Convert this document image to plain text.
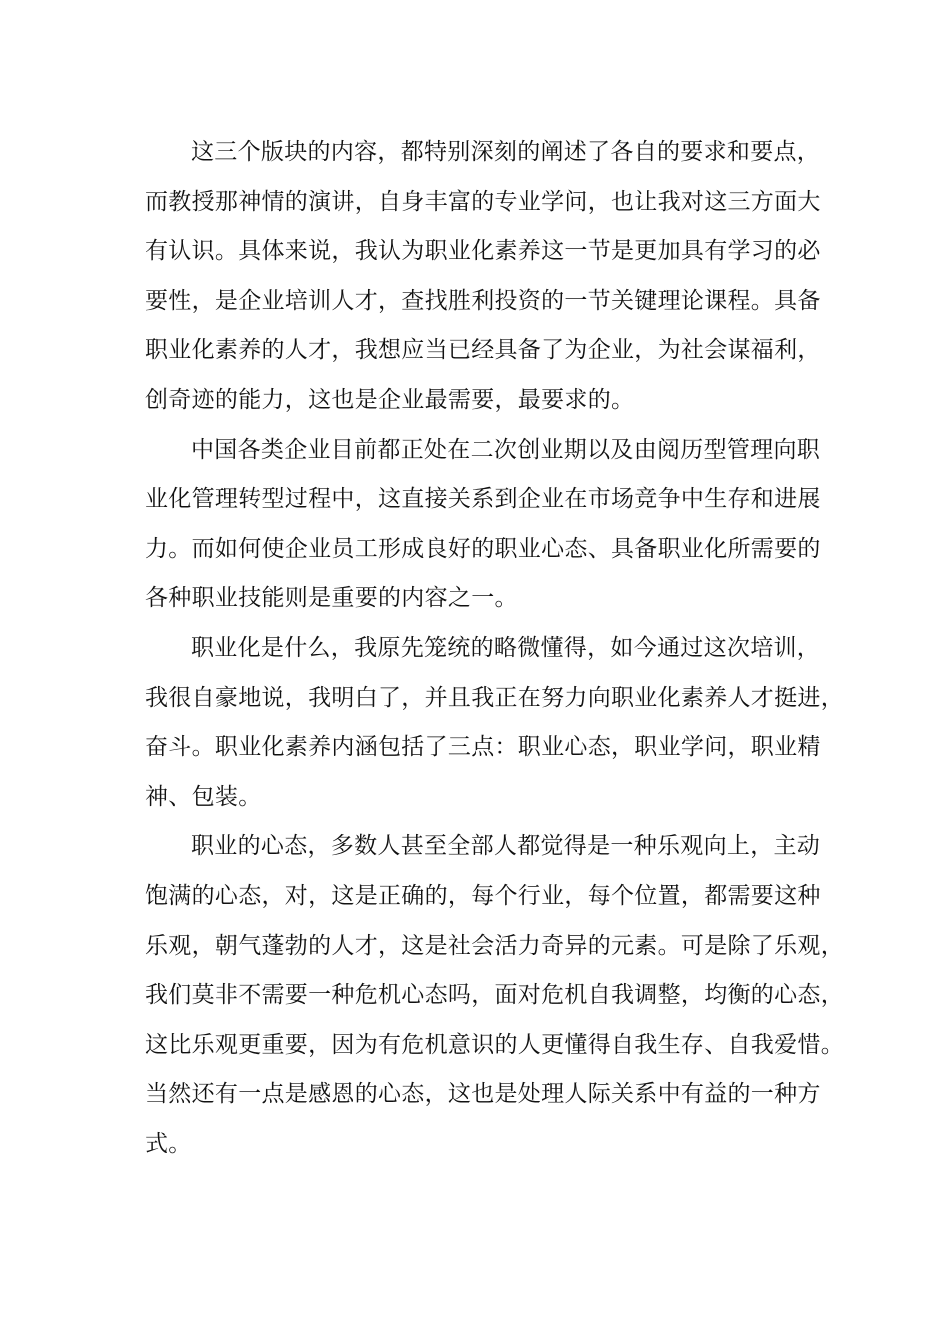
这三个版块的内容，都特别深刻的阐述了各自的要求和要点，
而教授那神情的演讲，自身丰富的专业学问，也让我对这三方面大
有认识。具体来说，我认为职业化素养这一节是更加具有学习的必
要性，是企业培训人才，查找胜利投资的一节关键理论课程。具备
职业化素养的人才，我想应当已经具备了为企业，为社会谋福利，
创奇迹的能力，这也是企业最需要，最要求的。
中国各类企业目前都正处在二次创业期以及由阅历型管理向职
业化管理转型过程中，这直接关系到企业在市场竞争中生存和进展
力。而如何使企业员工形成良好的职业心态、具备职业化所需要的
各种职业技能则是重要的内容之一。
职业化是什么，我原先笼统的略微懂得，如今通过这次培训，
我很自豪地说，我明白了，并且我正在努力向职业化素养人才挺进，
奋斗。职业化素养内涵包括了三点：职业心态，职业学问，职业精
神、包装。
职业的心态，多数人甚至全部人都觉得是一种乐观向上，主动
饱满的心态，对，这是正确的，每个行业，每个位置，都需要这种
乐观，朝气蓬勃的人才，这是社会活力奇异的元素。可是除了乐观，
我们莫非不需要一种危机心态吗，面对危机自我调整，均衡的心态，
这比乐观更重要，因为有危机意识的人更懂得自我生存、自我爱惜。
当然还有一点是感恩的心态，这也是处理人际关系中有益的一种方
式。
